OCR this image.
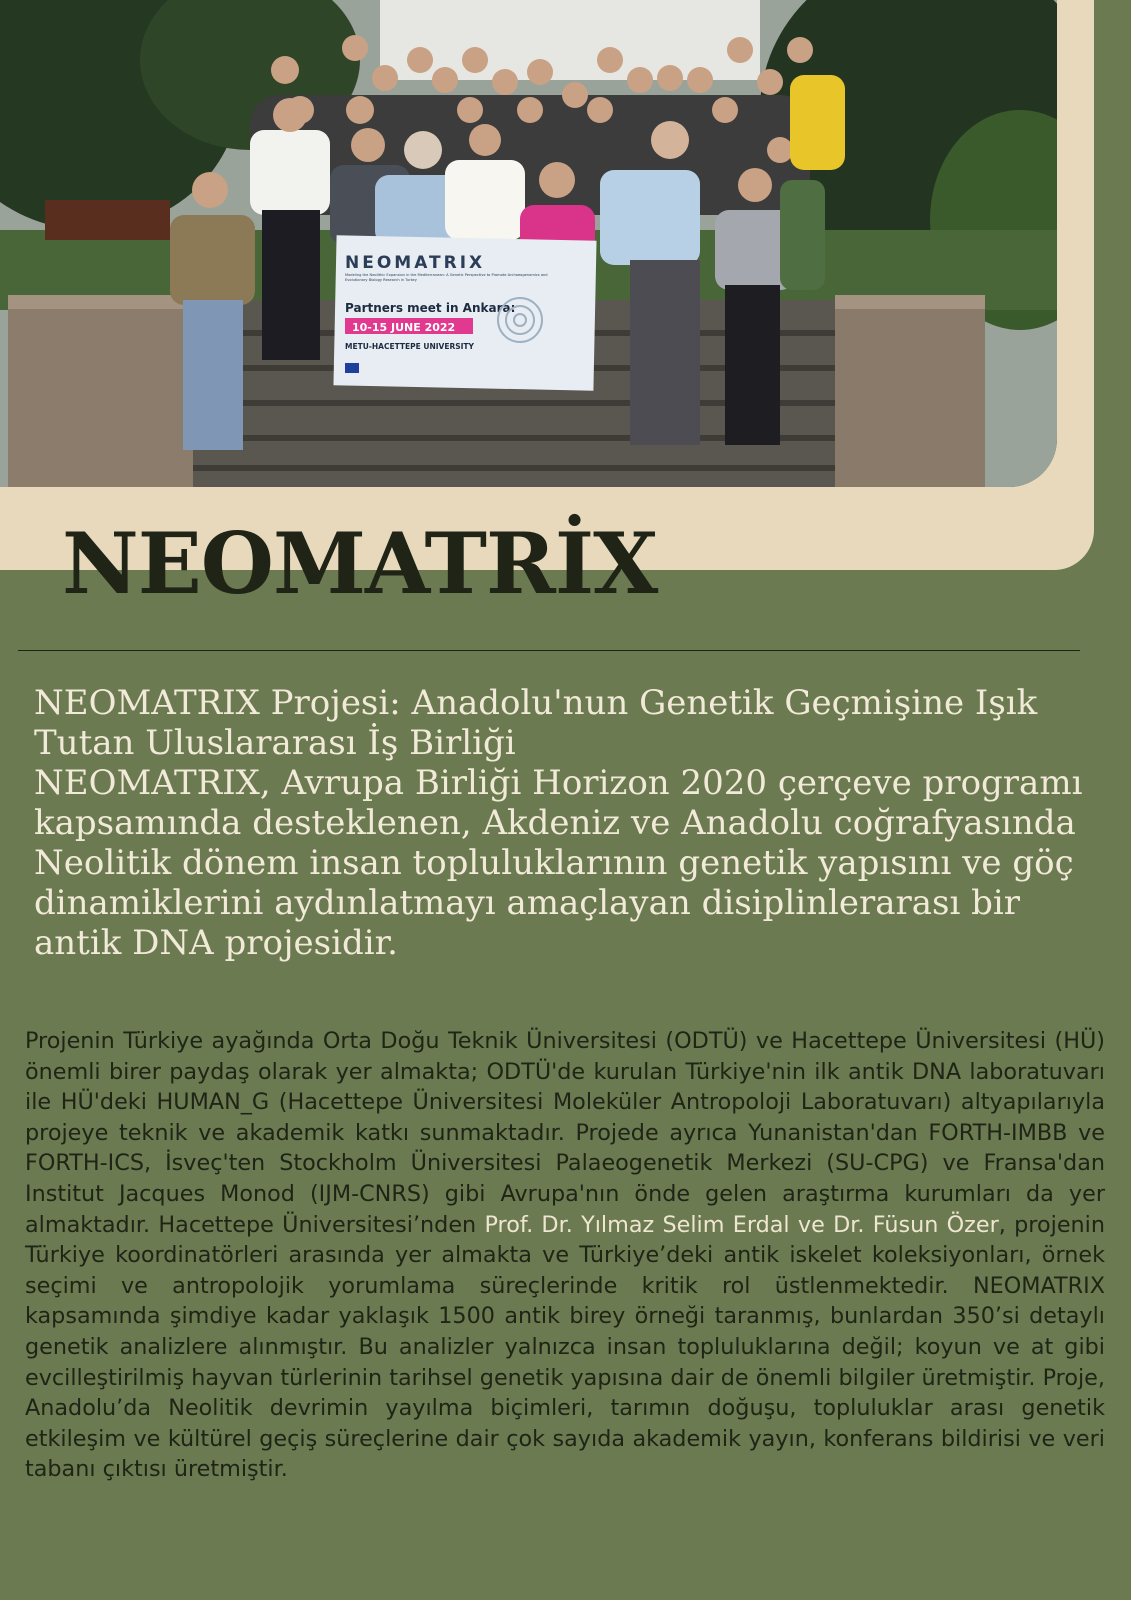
NEOMATRIX
Modeling the Neolithic Expansion in the Mediterranean: A Genetic Perspective to Promote Archaeogenomics and Evolutionary Biology Research in Turkey
Partners meet in Ankara:
10-15 JUNE 2022
METU-HACETTEPE UNIVERSITY
NEOMATRİX

NEOMATRIX Projesi: Anadolu'nun Genetik Geçmişine Işık Tutan Uluslararası İş Birliği

NEOMATRIX, Avrupa Birliği Horizon 2020 çerçeve programı kapsamında desteklenen, Akdeniz ve Anadolu coğrafyasında Neolitik dönem insan topluluklarının genetik yapısını ve göç dinamiklerini aydınlatmayı amaçlayan disiplinlerarası bir antik DNA projesidir.

Projenin Türkiye ayağında Orta Doğu Teknik Üniversitesi (ODTÜ) ve Hacettepe Üniversitesi (HÜ) önemli birer paydaş olarak yer almakta; ODTÜ'de kurulan Türkiye'nin ilk antik DNA laboratuvarı ile HÜ'deki HUMAN_G (Hacettepe Üniversitesi Moleküler Antropoloji Laboratuvarı) altyapılarıyla projeye teknik ve akademik katkı sunmaktadır. Projede ayrıca Yunanistan'dan FORTH-IMBB ve FORTH-ICS, İsveç'ten Stockholm Üniversitesi Palaeogenetik Merkezi (SU-CPG) ve Fransa'dan Institut Jacques Monod (IJM-CNRS) gibi Avrupa'nın önde gelen araştırma kurumları da yer almaktadır. Hacettepe Üniversitesi’nden Prof. Dr. Yılmaz Selim Erdal ve Dr. Füsun Özer, projenin Türkiye koordinatörleri arasında yer almakta ve Türkiye’deki antik iskelet koleksiyonları, örnek seçimi ve antropolojik yorumlama süreçlerinde kritik rol üstlenmektedir. NEOMATRIX kapsamında şimdiye kadar yaklaşık 1500 antik birey örneği taranmış, bunlardan 350’si detaylı genetik analizlere alınmıştır. Bu analizler yalnızca insan topluluklarına değil; koyun ve at gibi evcilleştirilmiş hayvan türlerinin tarihsel genetik yapısına dair de önemli bilgiler üretmiştir. Proje, Anadolu’da Neolitik devrimin yayılma biçimleri, tarımın doğuşu, topluluklar arası genetik etkileşim ve kültürel geçiş süreçlerine dair çok sayıda akademik yayın, konferans bildirisi ve veri tabanı çıktısı üretmiştir.
